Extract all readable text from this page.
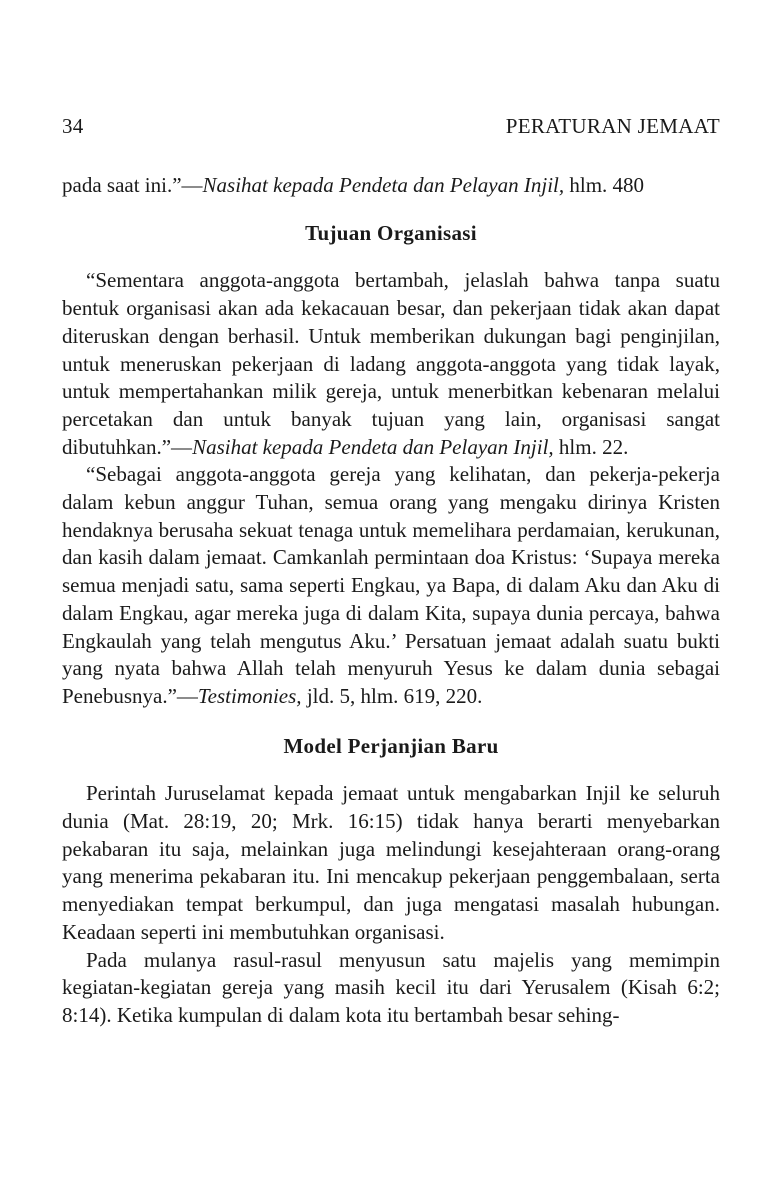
34	PERATURAN JEMAAT

pada saat ini.”—Nasihat kepada Pendeta dan Pelayan Injil, hlm. 480

Tujuan Organisasi

“Sementara anggota-anggota bertambah, jelaslah bahwa tanpa suatu bentuk organisasi akan ada kekacauan besar, dan pekerjaan tidak akan dapat diteruskan dengan berhasil. Untuk memberikan dukungan bagi penginjilan, untuk meneruskan pekerjaan di ladang anggota-anggota yang tidak layak, untuk mempertahankan milik gereja, untuk menerbitkan kebenaran melalui percetakan dan untuk banyak tujuan yang lain, organisasi sangat dibutuhkan.”—Nasihat kepada Pendeta dan Pelayan Injil, hlm. 22.

“Sebagai anggota-anggota gereja yang kelihatan, dan pekerja-pekerja dalam kebun anggur Tuhan, semua orang yang mengaku dirinya Kristen hendaknya berusaha sekuat tenaga untuk memelihara perdamaian, kerukunan, dan kasih dalam jemaat. Camkanlah permintaan doa Kristus: ‘Supaya mereka semua menjadi satu, sama seperti Engkau, ya Bapa, di dalam Aku dan Aku di dalam Engkau, agar mereka juga di dalam Kita, supaya dunia percaya, bahwa Engkaulah yang telah mengutus Aku.’ Persatuan jemaat adalah suatu bukti yang nyata bahwa Allah telah menyuruh Yesus ke dalam dunia sebagai Penebusnya.”—Testimonies, jld. 5, hlm. 619, 220.

Model Perjanjian Baru

Perintah Juruselamat kepada jemaat untuk mengabarkan Injil ke seluruh dunia (Mat. 28:19, 20; Mrk. 16:15) tidak hanya berarti menyebarkan pekabaran itu saja, melainkan juga melindungi kesejahteraan orang-orang yang menerima pekabaran itu. Ini mencakup pekerjaan penggembalaan, serta menyediakan tempat berkumpul, dan juga mengatasi masalah hubungan. Keadaan seperti ini membutuhkan organisasi.

Pada mulanya rasul-rasul menyusun satu majelis yang memimpin kegiatan-kegiatan gereja yang masih kecil itu dari Yerusalem (Kisah 6:2; 8:14). Ketika kumpulan di dalam kota itu bertambah besar sehing-
